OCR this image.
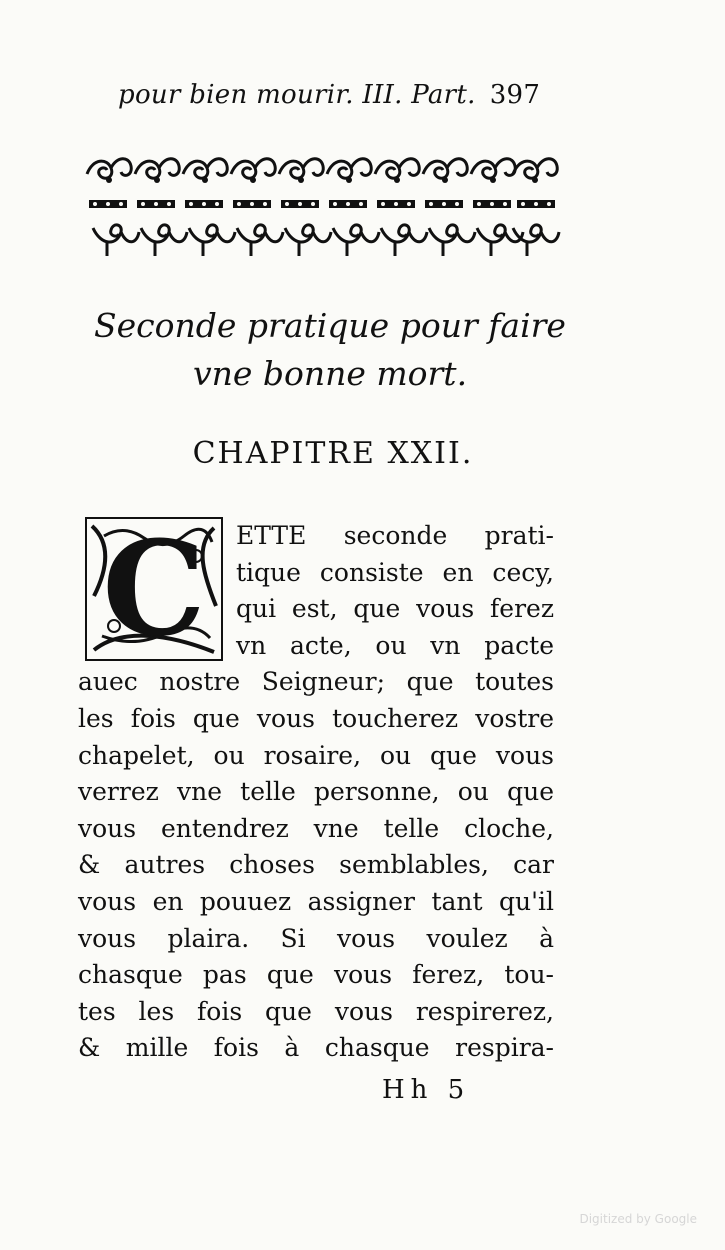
pour bien mourir. III. Part. 397
Seconde pratique pour faire
vne bonne mort.
CHAPITRE XXII.
C	ETTE seconde prati-
tique consiste en cecy,
qui est, que vous ferez
vn acte, ou vn pacte
auec nostre Seigneur; que toutes
les fois que vous toucherez vostre
chapelet, ou rosaire, ou que vous
verrez vne telle personne, ou que
vous entendrez vne telle cloche,
& autres choses semblables, car
vous en pouuez assigner tant qu'il
vous plaira. Si vous voulez à
chasque pas que vous ferez, tou-
tes les fois que vous respirerez,
& mille fois à chasque respira-
Hh 5
Digitized by Google
